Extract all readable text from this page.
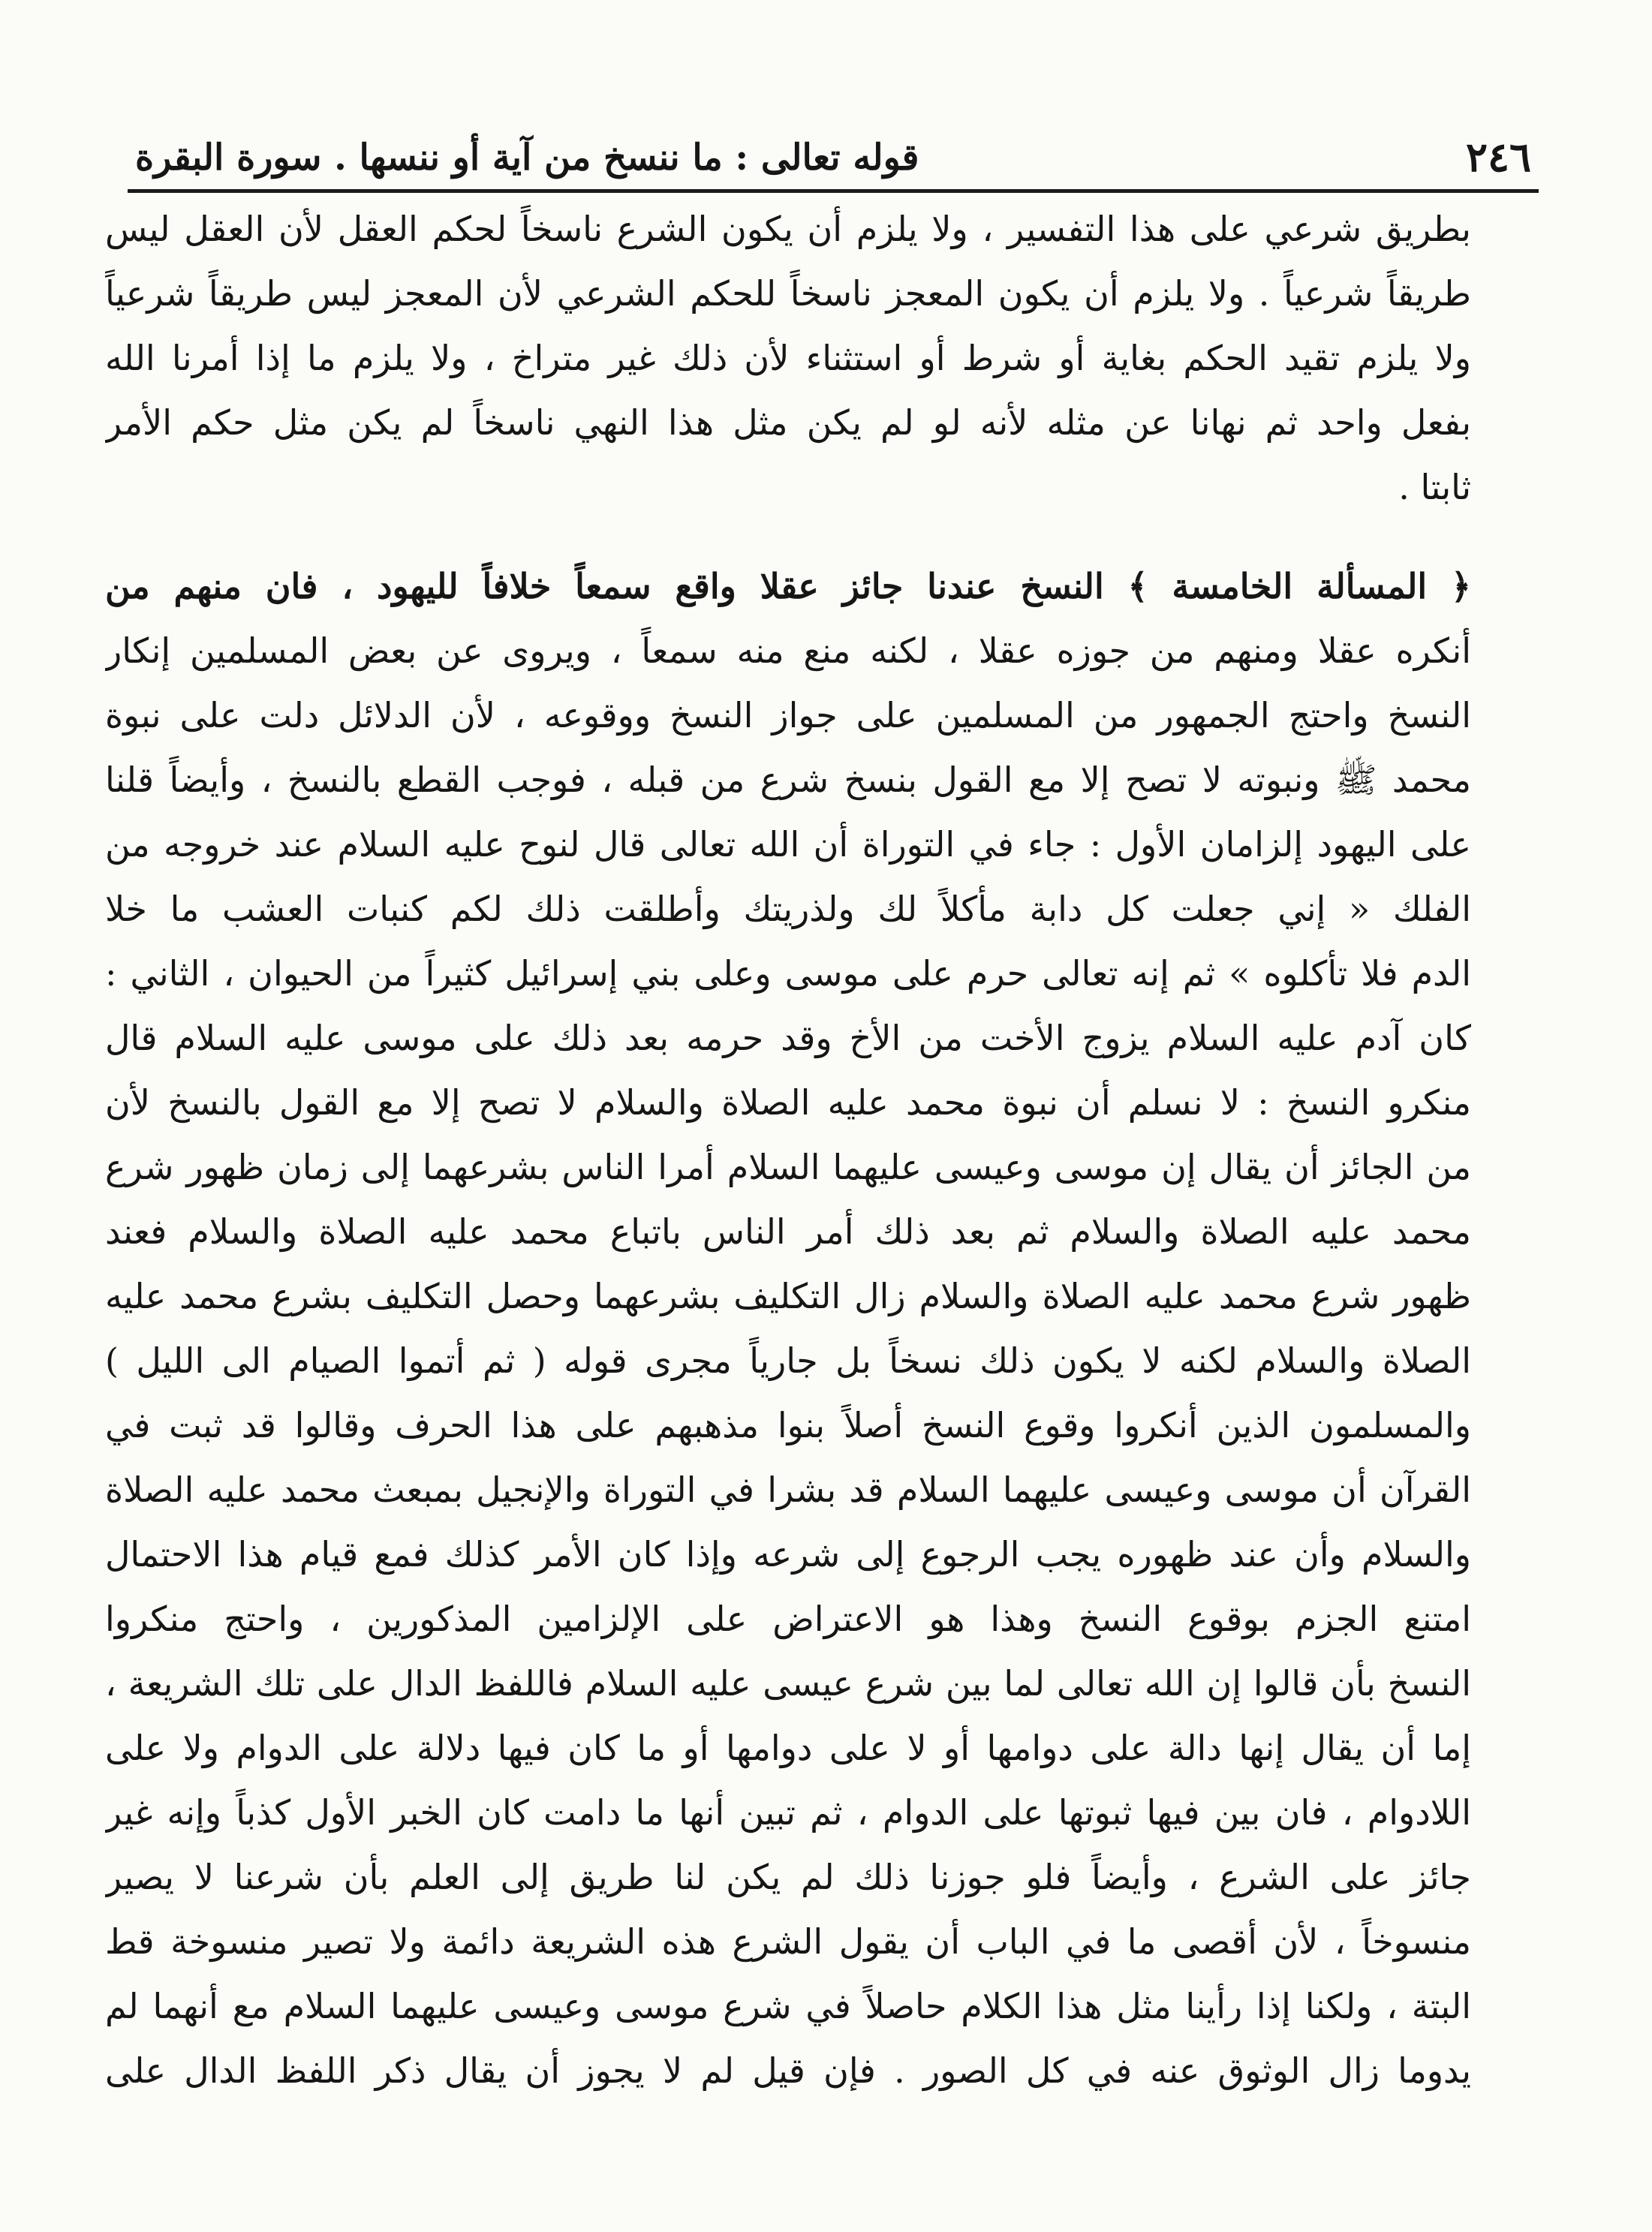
٢٤٦
قوله تعالى : ما ننسخ من آية أو ننسها . سورة البقرة
بطريق شرعي على هذا التفسير ، ولا يلزم أن يكون الشرع ناسخاً لحكم العقل لأن العقل ليس
طريقاً شرعياً . ولا يلزم أن يكون المعجز ناسخاً للحكم الشرعي لأن المعجز ليس طريقاً شرعياً
ولا يلزم تقيد الحكم بغاية أو شرط أو استثناء لأن ذلك غير متراخ ، ولا يلزم ما إذا أمرنا الله
بفعل واحد ثم نهانا عن مثله لأنه لو لم يكن مثل هذا النهي ناسخاً لم يكن مثل حكم الأمر
ثابتا .
﴿ المسألة الخامسة ﴾ النسخ عندنا جائز عقلا واقع سمعاً خلافاً لليهود ، فان منهم من
أنكره عقلا ومنهم من جوزه عقلا ، لكنه منع منه سمعاً ، ويروى عن بعض المسلمين إنكار
النسخ واحتج الجمهور من المسلمين على جواز النسخ ووقوعه ، لأن الدلائل دلت على نبوة
محمد ﷺ ونبوته لا تصح إلا مع القول بنسخ شرع من قبله ، فوجب القطع بالنسخ ، وأيضاً قلنا
على اليهود إلزامان الأول : جاء في التوراة أن الله تعالى قال لنوح عليه السلام عند خروجه من
الفلك « إني جعلت كل دابة مأكلاً لك ولذريتك وأطلقت ذلك لكم كنبات العشب ما خلا
الدم فلا تأكلوه » ثم إنه تعالى حرم على موسى وعلى بني إسرائيل كثيراً من الحيوان ، الثاني :
كان آدم عليه السلام يزوج الأخت من الأخ وقد حرمه بعد ذلك على موسى عليه السلام قال
منكرو النسخ : لا نسلم أن نبوة محمد عليه الصلاة والسلام لا تصح إلا مع القول بالنسخ لأن
من الجائز أن يقال إن موسى وعيسى عليهما السلام أمرا الناس بشرعهما إلى زمان ظهور شرع
محمد عليه الصلاة والسلام ثم بعد ذلك أمر الناس باتباع محمد عليه الصلاة والسلام فعند
ظهور شرع محمد عليه الصلاة والسلام زال التكليف بشرعهما وحصل التكليف بشرع محمد عليه
الصلاة والسلام لكنه لا يكون ذلك نسخاً بل جارياً مجرى قوله ( ثم أتموا الصيام الى الليل )
والمسلمون الذين أنكروا وقوع النسخ أصلاً بنوا مذهبهم على هذا الحرف وقالوا قد ثبت في
القرآن أن موسى وعيسى عليهما السلام قد بشرا في التوراة والإنجيل بمبعث محمد عليه الصلاة
والسلام وأن عند ظهوره يجب الرجوع إلى شرعه وإذا كان الأمر كذلك فمع قيام هذا الاحتمال
امتنع الجزم بوقوع النسخ وهذا هو الاعتراض على الإلزامين المذكورين ، واحتج منكروا
النسخ بأن قالوا إن الله تعالى لما بين شرع عيسى عليه السلام فاللفظ الدال على تلك الشريعة ،
إما أن يقال إنها دالة على دوامها أو لا على دوامها أو ما كان فيها دلالة على الدوام ولا على
اللادوام ، فان بين فيها ثبوتها على الدوام ، ثم تبين أنها ما دامت كان الخبر الأول كذباً وإنه غير
جائز على الشرع ، وأيضاً فلو جوزنا ذلك لم يكن لنا طريق إلى العلم بأن شرعنا لا يصير
منسوخاً ، لأن أقصى ما في الباب أن يقول الشرع هذه الشريعة دائمة ولا تصير منسوخة قط
البتة ، ولكنا إذا رأينا مثل هذا الكلام حاصلاً في شرع موسى وعيسى عليهما السلام مع أنهما لم
يدوما زال الوثوق عنه في كل الصور . فإن قيل لم لا يجوز أن يقال ذكر اللفظ الدال على
